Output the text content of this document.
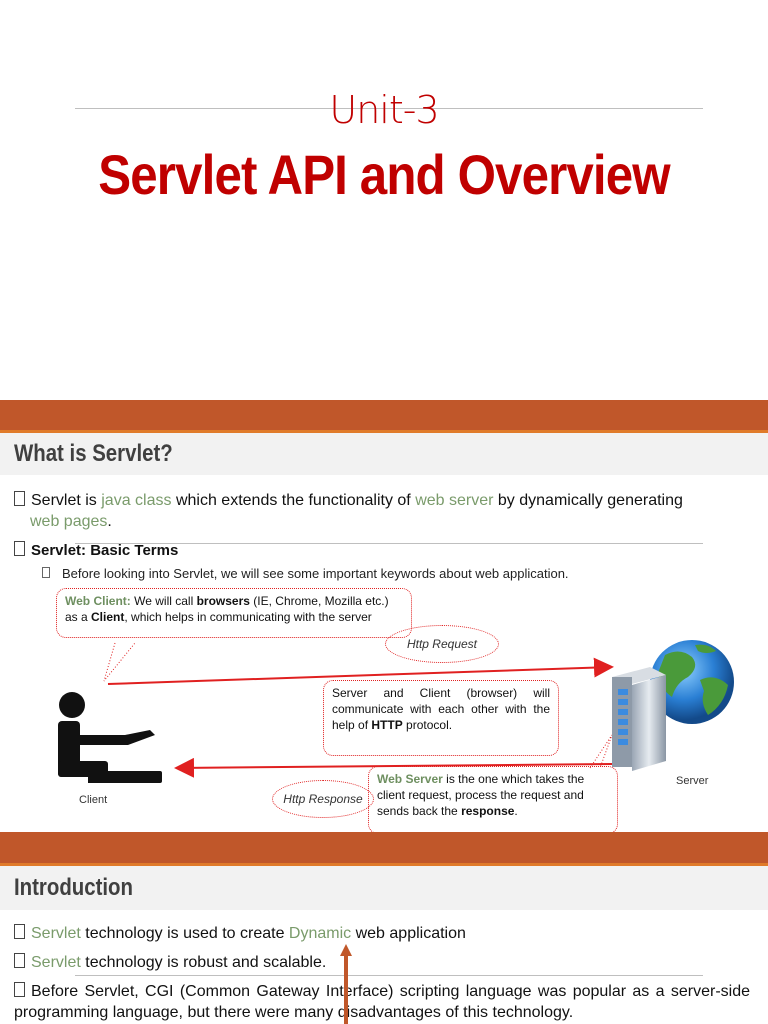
Unit-3
Servlet API and Overview
What is Servlet?
Servlet is java class which extends the functionality of web server by dynamically generating
web pages.
Servlet: Basic Terms
Before looking into Servlet, we will see some important keywords about web application.
Web Client: We will call browsers (IE, Chrome, Mozilla etc.) as a Client, which helps in communicating with the server
Http Request
Server and Client (browser) will communicate with each other with the help of HTTP protocol.
Web Server is the one which takes the client request, process the request and sends back the response.
Http Response
Client
Server
Introduction
Servlet technology is used to create Dynamic web application
Servlet technology is robust and scalable.
Before Servlet, CGI (Common Gateway Interface) scripting language was popular as a server-side programming language, but there were many disadvantages of this technology.
